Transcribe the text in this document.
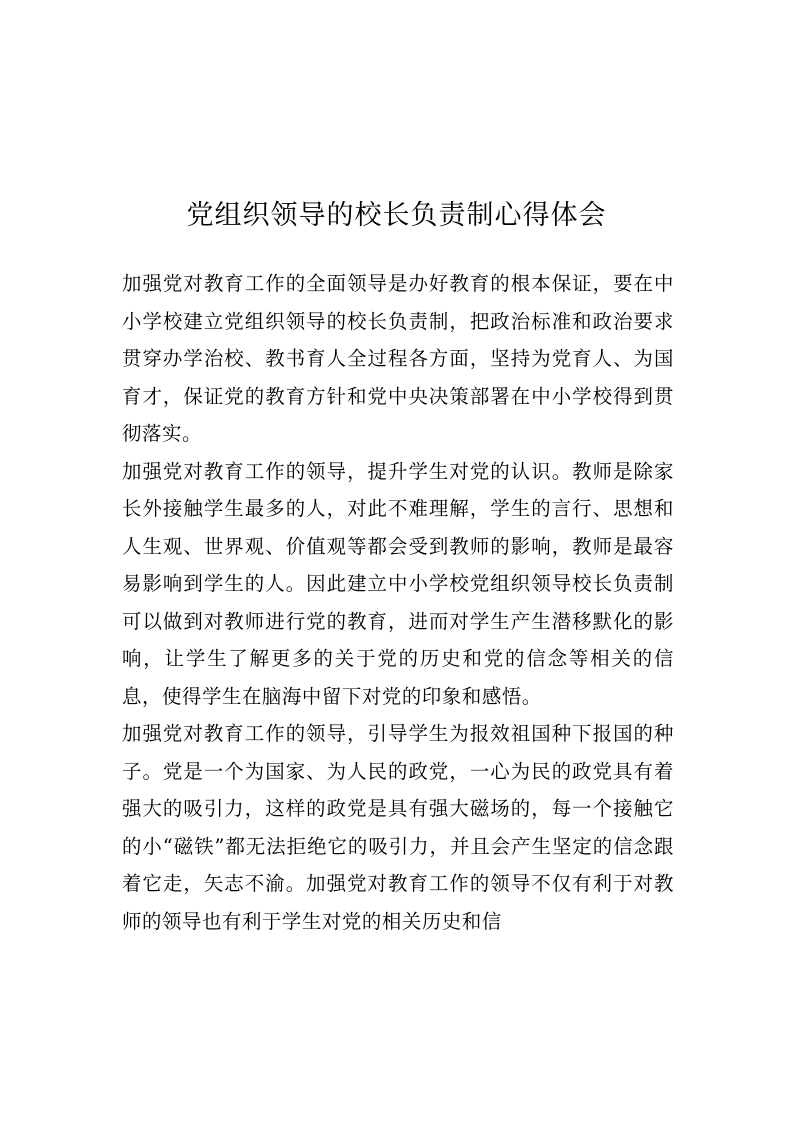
党组织领导的校长负责制心得体会

加强党对教育工作的全面领导是办好教育的根本保证，要在中小学校建立党组织领导的校长负责制，把政治标准和政治要求贯穿办学治校、教书育人全过程各方面，坚持为党育人、为国育才，保证党的教育方针和党中央决策部署在中小学校得到贯彻落实。

加强党对教育工作的领导，提升学生对党的认识。教师是除家长外接触学生最多的人，对此不难理解，学生的言行、思想和人生观、世界观、价值观等都会受到教师的影响，教师是最容易影响到学生的人。因此建立中小学校党组织领导校长负责制可以做到对教师进行党的教育，进而对学生产生潜移默化的影响，让学生了解更多的关于党的历史和党的信念等相关的信息，使得学生在脑海中留下对党的印象和感悟。

加强党对教育工作的领导，引导学生为报效祖国种下报国的种子。党是一个为国家、为人民的政党，一心为民的政党具有着强大的吸引力，这样的政党是具有强大磁场的，每一个接触它的小“磁铁”都无法拒绝它的吸引力，并且会产生坚定的信念跟着它走，矢志不渝。加强党对教育工作的领导不仅有利于对教师的领导也有利于学生对党的相关历史和信
